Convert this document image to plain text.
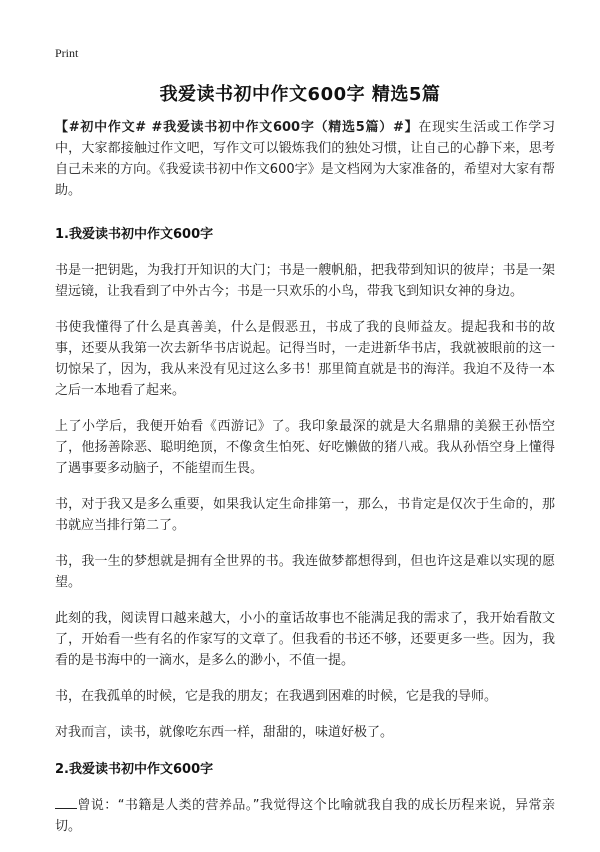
Print
我爱读书初中作文600字 精选5篇

【#初中作文# #我爱读书初中作文600字（精选5篇）#】在现实生活或工作学习中，大家都接触过作文吧，写作文可以锻炼我们的独处习惯，让自己的心静下来，思考自己未来的方向。《我爱读书初中作文600字》是文档网为大家准备的，希望对大家有帮助。

1.我爱读书初中作文600字

书是一把钥匙，为我打开知识的大门；书是一艘帆船，把我带到知识的彼岸；书是一架望远镜，让我看到了中外古今；书是一只欢乐的小鸟，带我飞到知识女神的身边。

书使我懂得了什么是真善美，什么是假恶丑，书成了我的良师益友。提起我和书的故事，还要从我第一次去新华书店说起。记得当时，一走进新华书店，我就被眼前的这一切惊呆了，因为，我从来没有见过这么多书！那里简直就是书的海洋。我迫不及待一本之后一本地看了起来。

上了小学后，我便开始看《西游记》了。我印象最深的就是大名鼎鼎的美猴王孙悟空了，他扬善除恶、聪明绝顶，不像贪生怕死、好吃懒做的猪八戒。我从孙悟空身上懂得了遇事要多动脑子，不能望而生畏。

书，对于我又是多么重要，如果我认定生命排第一，那么，书肯定是仅次于生命的，那书就应当排行第二了。

书，我一生的梦想就是拥有全世界的书。我连做梦都想得到，但也许这是难以实现的愿望。

此刻的我，阅读胃口越来越大，小小的童话故事也不能满足我的需求了，我开始看散文了，开始看一些有名的作家写的文章了。但我看的书还不够，还要更多一些。因为，我看的是书海中的一滴水，是多么的渺小，不值一提。

书，在我孤单的时候，它是我的朋友；在我遇到困难的时候，它是我的导师。

对我而言，读书，就像吃东西一样，甜甜的，味道好极了。

2.我爱读书初中作文600字

曾说：“书籍是人类的营养品。”我觉得这个比喻就我自我的成长历程来说，异常亲切。
